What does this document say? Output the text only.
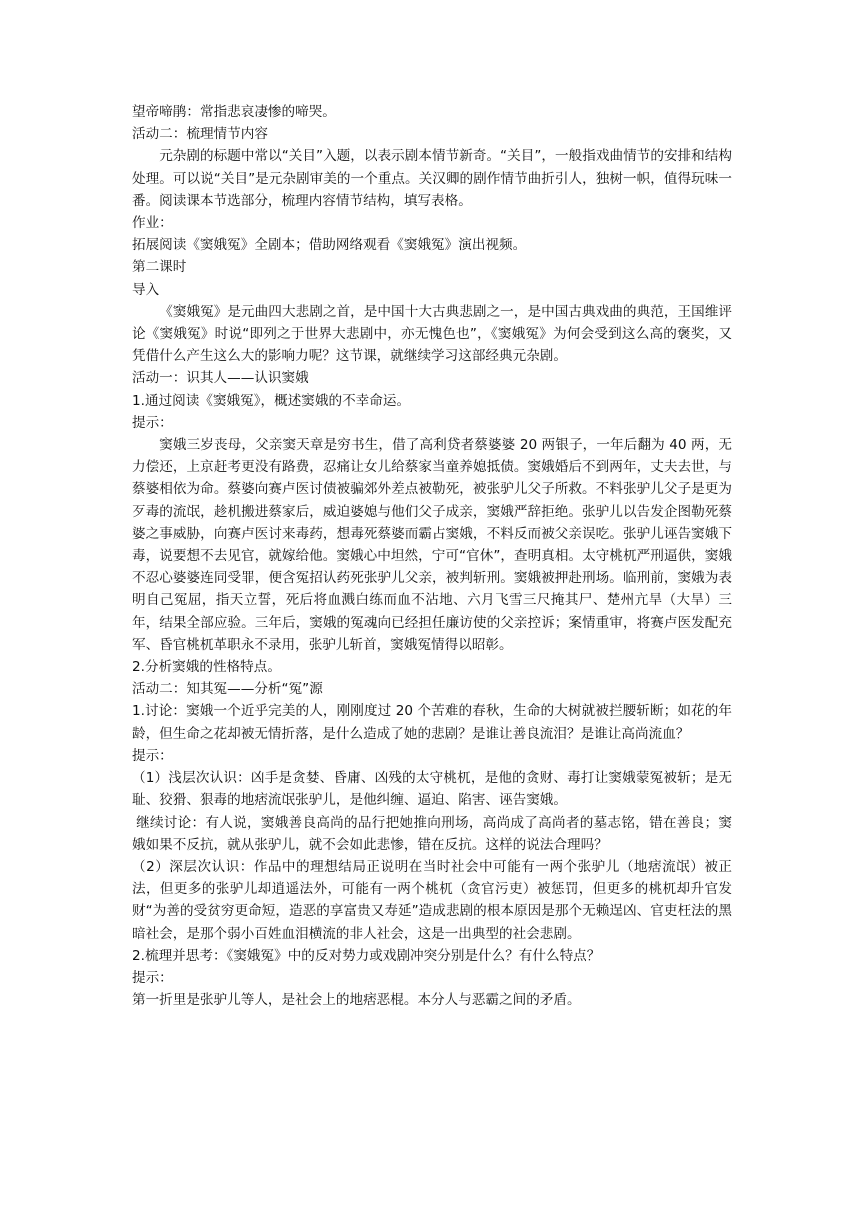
望帝啼鹃：常指悲哀凄惨的啼哭。

活动二：梳理情节内容

元杂剧的标题中常以“关目”入题，以表示剧本情节新奇。“关目”，一般指戏曲情节的安排和结构处理。可以说“关目”是元杂剧审美的一个重点。关汉卿的剧作情节曲折引人，独树一帜，值得玩味一番。阅读课本节选部分，梳理内容情节结构，填写表格。

作业：

拓展阅读《窦娥冤》全剧本；借助网络观看《窦娥冤》演出视频。

第二课时

导入

《窦娥冤》是元曲四大悲剧之首，是中国十大古典悲剧之一，是中国古典戏曲的典范，王国维评论《窦娥冤》时说“即列之于世界大悲剧中，亦无愧色也”，《窦娥冤》为何会受到这么高的褒奖，又凭借什么产生这么大的影响力呢？这节课，就继续学习这部经典元杂剧。

活动一：识其人——认识窦娥

1.通过阅读《窦娥冤》，概述窦娥的不幸命运。

提示：

窦娥三岁丧母，父亲窦天章是穷书生，借了高利贷者蔡婆婆 20 两银子，一年后翻为 40 两，无力偿还，上京赶考更没有路费，忍痛让女儿给蔡家当童养媳抵债。窦娥婚后不到两年，丈夫去世，与蔡婆相依为命。蔡婆向赛卢医讨债被骗郊外差点被勒死，被张驴儿父子所救。不料张驴儿父子是更为歹毒的流氓，趁机搬进蔡家后，威迫婆媳与他们父子成亲，窦娥严辞拒绝。张驴儿以告发企图勒死蔡婆之事威胁，向赛卢医讨来毒药，想毒死蔡婆而霸占窦娥，不料反而被父亲误吃。张驴儿诬告窦娥下毒，说要想不去见官，就嫁给他。窦娥心中坦然，宁可“官休”，查明真相。太守桃杌严刑逼供，窦娥不忍心婆婆连同受罪，便含冤招认药死张驴儿父亲，被判斩刑。窦娥被押赴刑场。临刑前，窦娥为表明自己冤屈，指天立誓，死后将血溅白练而血不沾地、六月飞雪三尺掩其尸、楚州亢旱（大旱）三年，结果全部应验。三年后，窦娥的冤魂向已经担任廉访使的父亲控诉；案情重审，将赛卢医发配充军、昏官桃杌革职永不录用，张驴儿斩首，窦娥冤情得以昭彰。

2.分析窦娥的性格特点。

活动二：知其冤——分析“冤”源

1.讨论：窦娥一个近乎完美的人，刚刚度过 20 个苦难的春秋，生命的大树就被拦腰斩断；如花的年龄，但生命之花却被无情折落，是什么造成了她的悲剧？是谁让善良流泪？是谁让高尚流血？

提示：

（1）浅层次认识：凶手是贪婪、昏庸、凶残的太守桃杌，是他的贪财、毒打让窦娥蒙冤被斩；是无耻、狡猾、狠毒的地痞流氓张驴儿，是他纠缠、逼迫、陷害、诬告窦娥。

继续讨论：有人说，窦娥善良高尚的品行把她推向刑场，高尚成了高尚者的墓志铭，错在善良；窦娥如果不反抗，就从张驴儿，就不会如此悲惨，错在反抗。这样的说法合理吗？

（2）深层次认识：作品中的理想结局正说明在当时社会中可能有一两个张驴儿（地痞流氓）被正法，但更多的张驴儿却逍遥法外，可能有一两个桃杌（贪官污吏）被惩罚，但更多的桃杌却升官发财“为善的受贫穷更命短，造恶的享富贵又寿延”造成悲剧的根本原因是那个无赖逞凶、官吏枉法的黑暗社会，是那个弱小百姓血泪横流的非人社会，这是一出典型的社会悲剧。

2.梳理并思考：《窦娥冤》中的反对势力或戏剧冲突分别是什么？有什么特点？

提示：

第一折里是张驴儿等人，是社会上的地痞恶棍。本分人与恶霸之间的矛盾。
